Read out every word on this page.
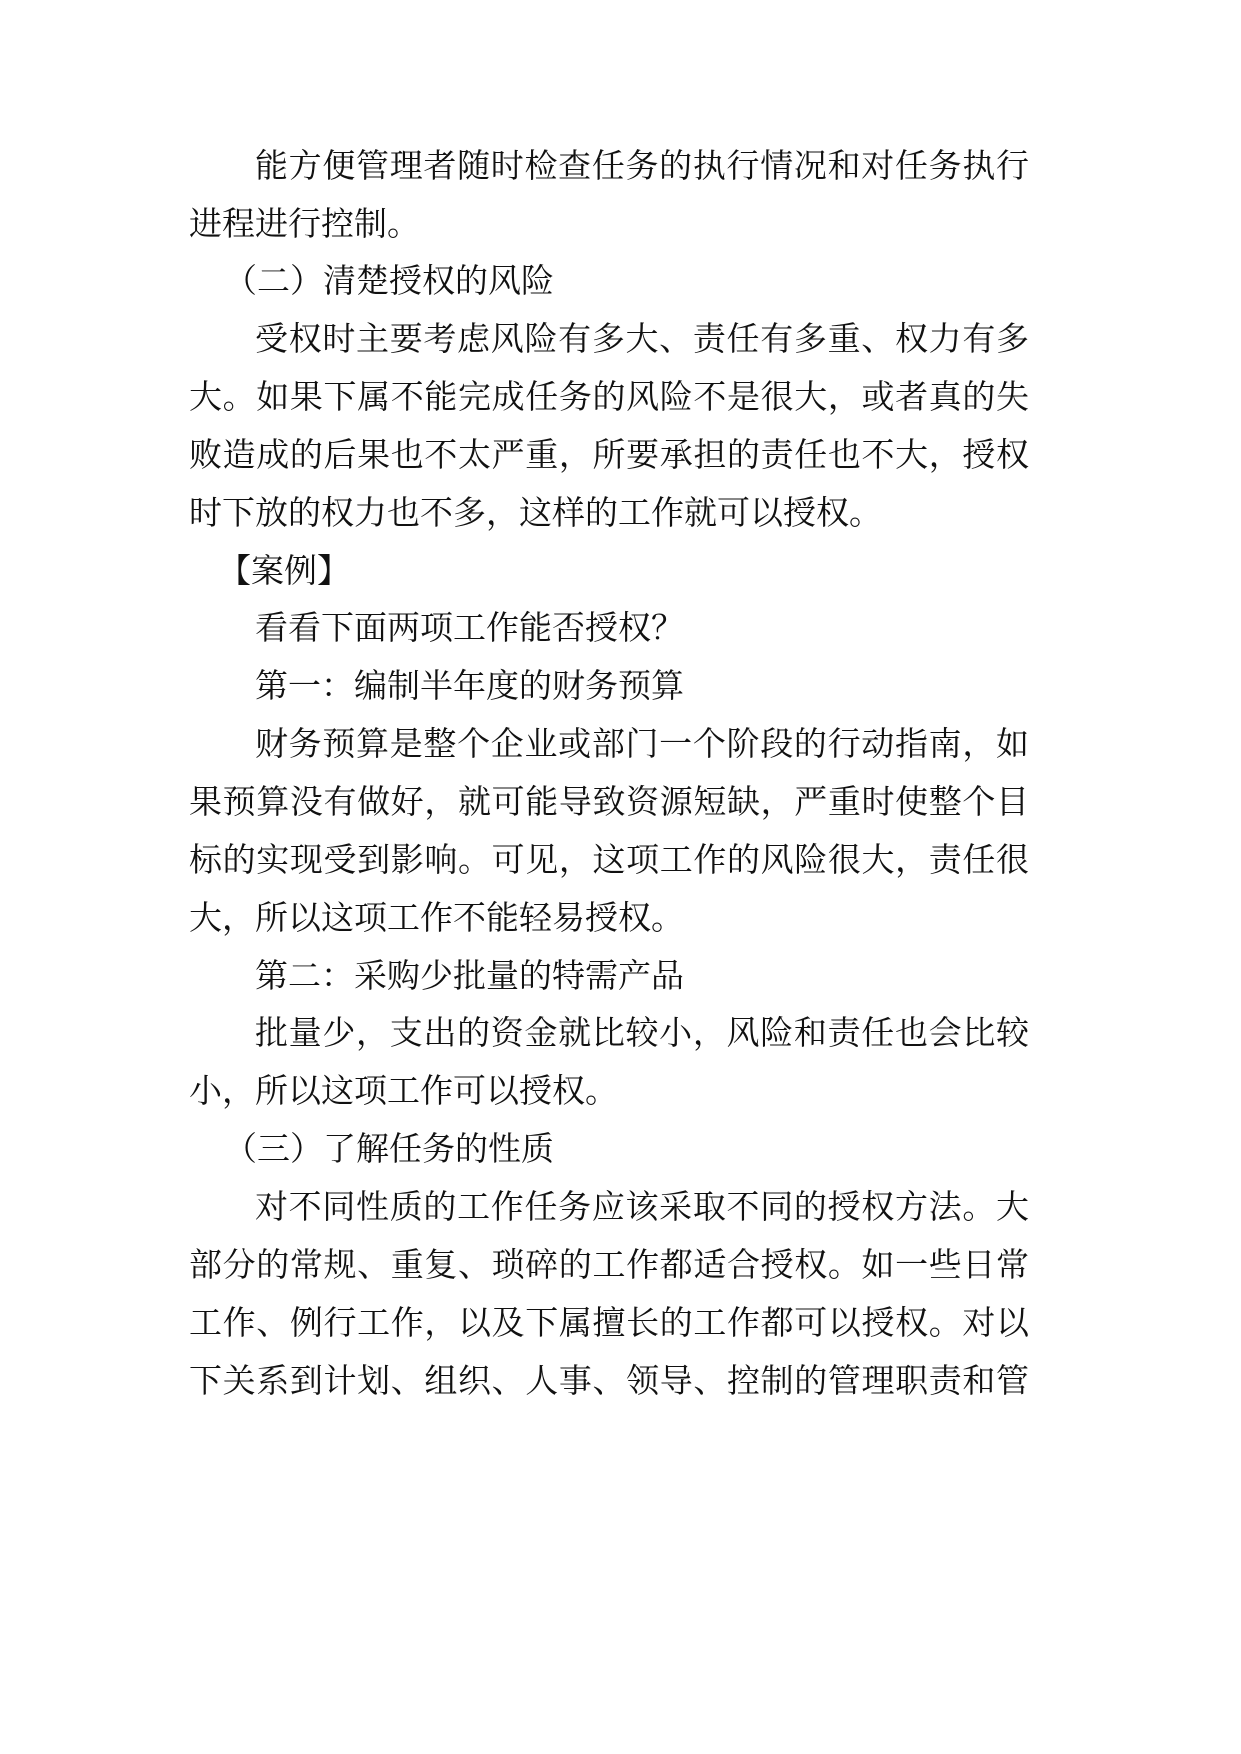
能方便管理者随时检查任务的执行情况和对任务执行
进程进行控制。
（二）清楚授权的风险
受权时主要考虑风险有多大、责任有多重、权力有多
大。如果下属不能完成任务的风险不是很大，或者真的失
败造成的后果也不太严重，所要承担的责任也不大，授权
时下放的权力也不多，这样的工作就可以授权。
【案例】
看看下面两项工作能否授权？
第一：编制半年度的财务预算
财务预算是整个企业或部门一个阶段的行动指南，如
果预算没有做好，就可能导致资源短缺，严重时使整个目
标的实现受到影响。可见，这项工作的风险很大，责任很
大，所以这项工作不能轻易授权。
第二：采购少批量的特需产品
批量少，支出的资金就比较小，风险和责任也会比较
小，所以这项工作可以授权。
（三）了解任务的性质
对不同性质的工作任务应该采取不同的授权方法。大
部分的常规、重复、琐碎的工作都适合授权。如一些日常
工作、例行工作，以及下属擅长的工作都可以授权。对以
下关系到计划、组织、人事、领导、控制的管理职责和管
